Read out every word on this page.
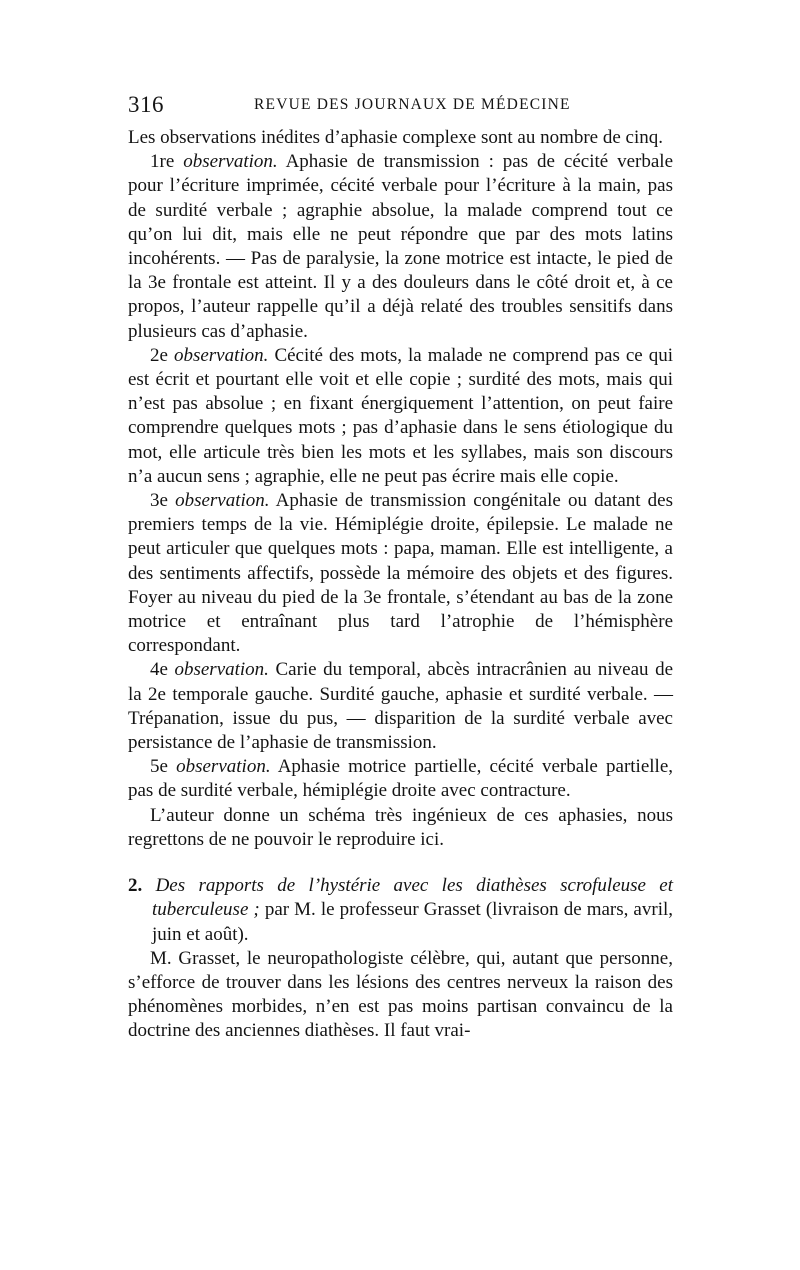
316	REVUE DES JOURNAUX DE MÉDECINE

Les observations inédites d’aphasie complexe sont au nombre de cinq.

1re observation. Aphasie de transmission : pas de cécité verbale pour l’écriture imprimée, cécité verbale pour l’écriture à la main, pas de surdité verbale ; agraphie absolue, la malade comprend tout ce qu’on lui dit, mais elle ne peut répondre que par des mots latins incohérents. — Pas de paralysie, la zone motrice est intacte, le pied de la 3e frontale est atteint. Il y a des douleurs dans le côté droit et, à ce propos, l’auteur rappelle qu’il a déjà relaté des troubles sensitifs dans plusieurs cas d’aphasie.

2e observation. Cécité des mots, la malade ne comprend pas ce qui est écrit et pourtant elle voit et elle copie ; surdité des mots, mais qui n’est pas absolue ; en fixant énergiquement l’attention, on peut faire comprendre quelques mots ; pas d’aphasie dans le sens étiologique du mot, elle articule très bien les mots et les syllabes, mais son discours n’a aucun sens ; agraphie, elle ne peut pas écrire mais elle copie.

3e observation. Aphasie de transmission congénitale ou datant des premiers temps de la vie. Hémiplégie droite, épilepsie. Le malade ne peut articuler que quelques mots : papa, maman. Elle est intelligente, a des sentiments affectifs, possède la mémoire des objets et des figures. Foyer au niveau du pied de la 3e frontale, s’étendant au bas de la zone motrice et entraînant plus tard l’atrophie de l’hémisphère correspondant.

4e observation. Carie du temporal, abcès intracrânien au niveau de la 2e temporale gauche. Surdité gauche, aphasie et surdité verbale. — Trépanation, issue du pus, — disparition de la surdité verbale avec persistance de l’aphasie de transmission.

5e observation. Aphasie motrice partielle, cécité verbale partielle, pas de surdité verbale, hémiplégie droite avec contracture.

L’auteur donne un schéma très ingénieux de ces aphasies, nous regrettons de ne pouvoir le reproduire ici.

2. Des rapports de l’hystérie avec les diathèses scrofuleuse et tuberculeuse ; par M. le professeur Grasset (livraison de mars, avril, juin et août).

M. Grasset, le neuropathologiste célèbre, qui, autant que personne, s’efforce de trouver dans les lésions des centres nerveux la raison des phénomènes morbides, n’en est pas moins partisan convaincu de la doctrine des anciennes diathèses. Il faut vrai-
